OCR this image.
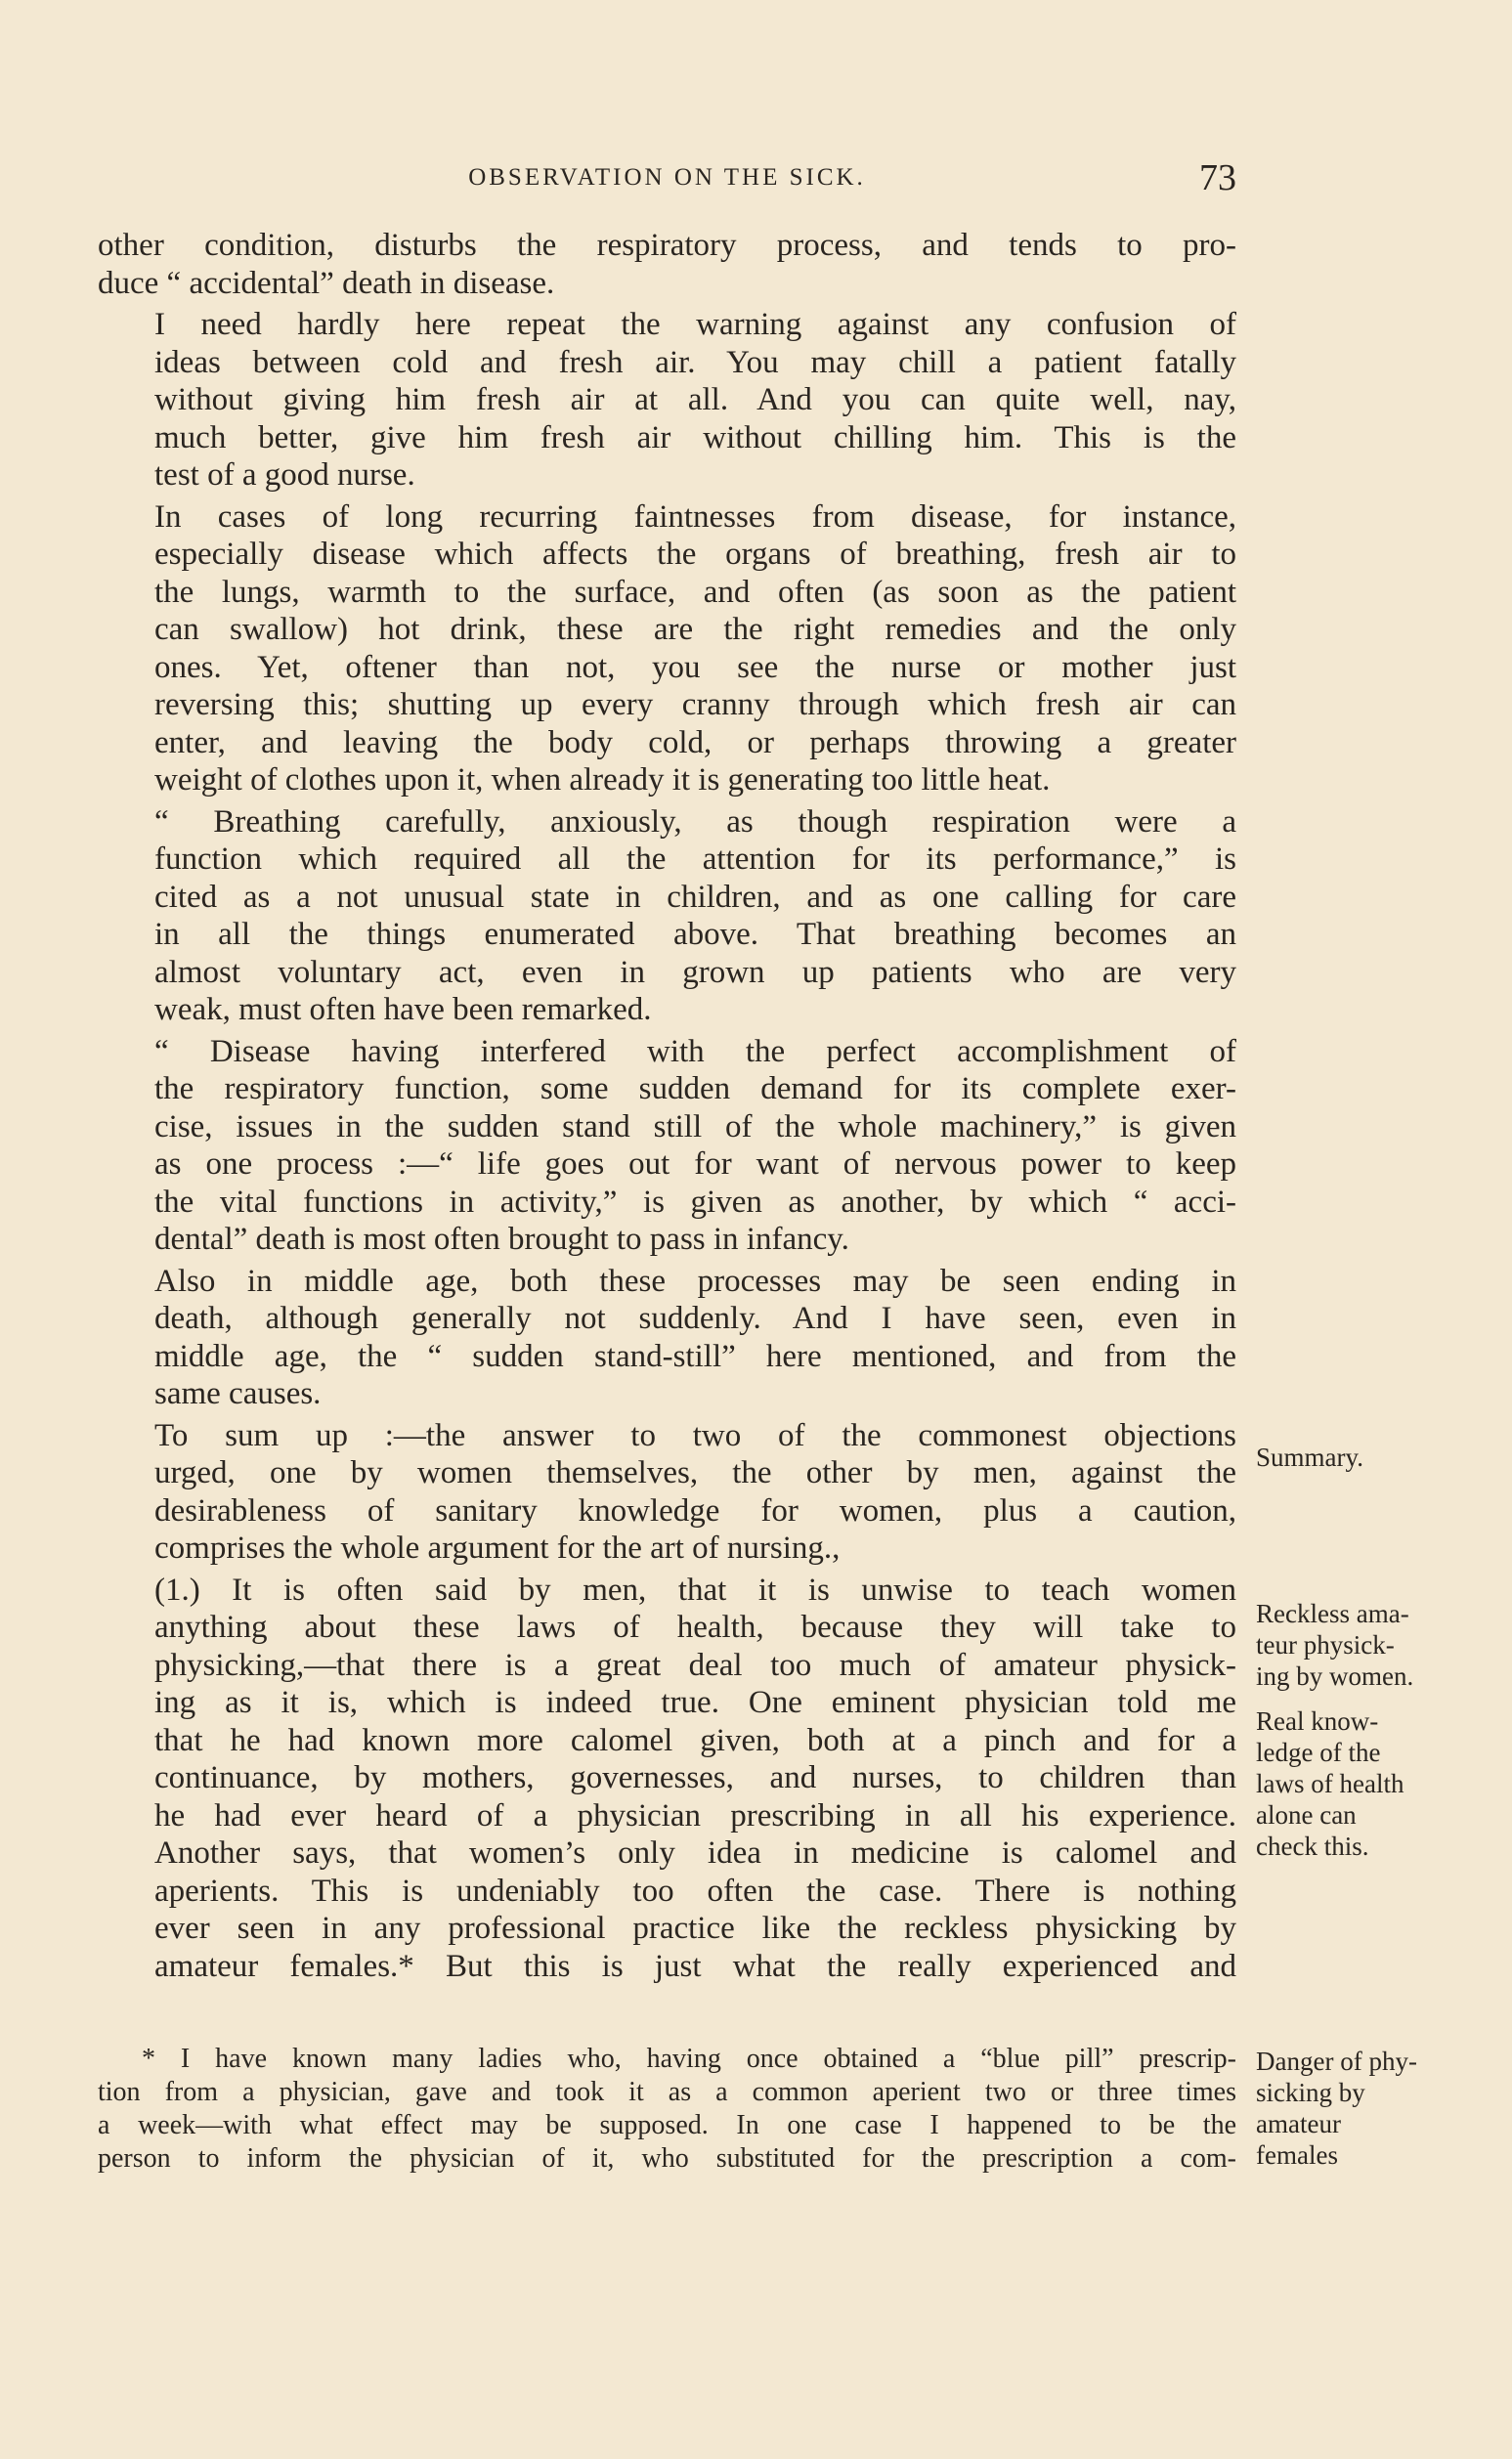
OBSERVATION ON THE SICK.	73

other condition, disturbs the respiratory process, and tends to pro-
duce “ accidental” death in disease.

I need hardly here repeat the warning against any confusion of
ideas between cold and fresh air. You may chill a patient fatally
without giving him fresh air at all. And you can quite well, nay,
much better, give him fresh air without chilling him. This is the
test of a good nurse.

In cases of long recurring faintnesses from disease, for instance,
especially disease which affects the organs of breathing, fresh air to
the lungs, warmth to the surface, and often (as soon as the patient
can swallow) hot drink, these are the right remedies and the only
ones. Yet, oftener than not, you see the nurse or mother just
reversing this; shutting up every cranny through which fresh air can
enter, and leaving the body cold, or perhaps throwing a greater
weight of clothes upon it, when already it is generating too little heat.

“ Breathing carefully, anxiously, as though respiration were a
function which required all the attention for its performance,” is
cited as a not unusual state in children, and as one calling for care
in all the things enumerated above. That breathing becomes an
almost voluntary act, even in grown up patients who are very
weak, must often have been remarked.

“ Disease having interfered with the perfect accomplishment of
the respiratory function, some sudden demand for its complete exer-
cise, issues in the sudden stand still of the whole machinery,” is given
as one process :—“ life goes out for want of nervous power to keep
the vital functions in activity,” is given as another, by which “ acci-
dental” death is most often brought to pass in infancy.

Also in middle age, both these processes may be seen ending in
death, although generally not suddenly. And I have seen, even in
middle age, the “ sudden stand-still” here mentioned, and from the
same causes.

To sum up :—the answer to two of the commonest objections
urged, one by women themselves, the other by men, against the
desirableness of sanitary knowledge for women, plus a caution,
comprises the whole argument for the art of nursing.,

(1.) It is often said by men, that it is unwise to teach women
anything about these laws of health, because they will take to
physicking,—that there is a great deal too much of amateur physick-
ing as it is, which is indeed true. One eminent physician told me
that he had known more calomel given, both at a pinch and for a
continuance, by mothers, governesses, and nurses, to children than
he had ever heard of a physician prescribing in all his experience.
Another says, that women’s only idea in medicine is calomel and
aperients. This is undeniably too often the case. There is nothing
ever seen in any professional practice like the reckless physicking by
amateur females.* But this is just what the really experienced and

Summary.
Reckless ama-
teur physick-
ing by women.
Real know-
ledge of the
laws of health
alone can
check this.
* I have known many ladies who, having once obtained a “blue pill” prescrip-
tion from a physician, gave and took it as a common aperient two or three times
a week—with what effect may be supposed. In one case I happened to be the
person to inform the physician of it, who substituted for the prescription a com-
Danger of phy-
sicking by
amateur
females
